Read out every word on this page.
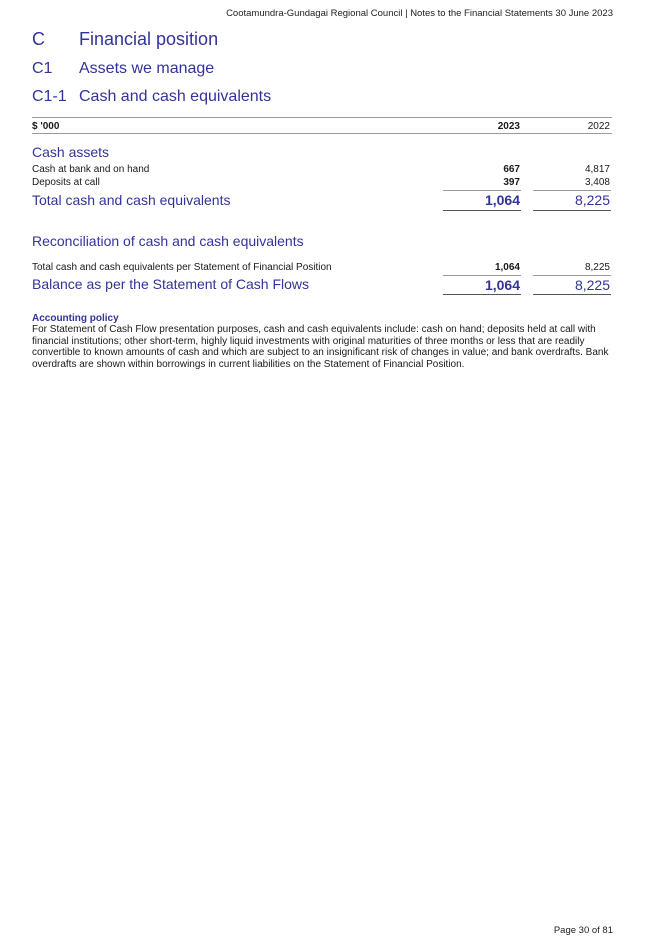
Cootamundra-Gundagai Regional Council | Notes to the Financial Statements 30 June 2023
C Financial position
C1 Assets we manage
C1-1 Cash and cash equivalents
$ '000	2023	2022
Cash assets
Cash at bank and on hand	667	4,817
Deposits at call	397	3,408
Total cash and cash equivalents	1,064	8,225
Reconciliation of cash and cash equivalents
Total cash and cash equivalents per Statement of Financial Position	1,064	8,225
Balance as per the Statement of Cash Flows	1,064	8,225
Accounting policy
For Statement of Cash Flow presentation purposes, cash and cash equivalents include: cash on hand; deposits held at call with financial institutions; other short-term, highly liquid investments with original maturities of three months or less that are readily convertible to known amounts of cash and which are subject to an insignificant risk of changes in value; and bank overdrafts. Bank overdrafts are shown within borrowings in current liabilities on the Statement of Financial Position.
Page 30 of 81
